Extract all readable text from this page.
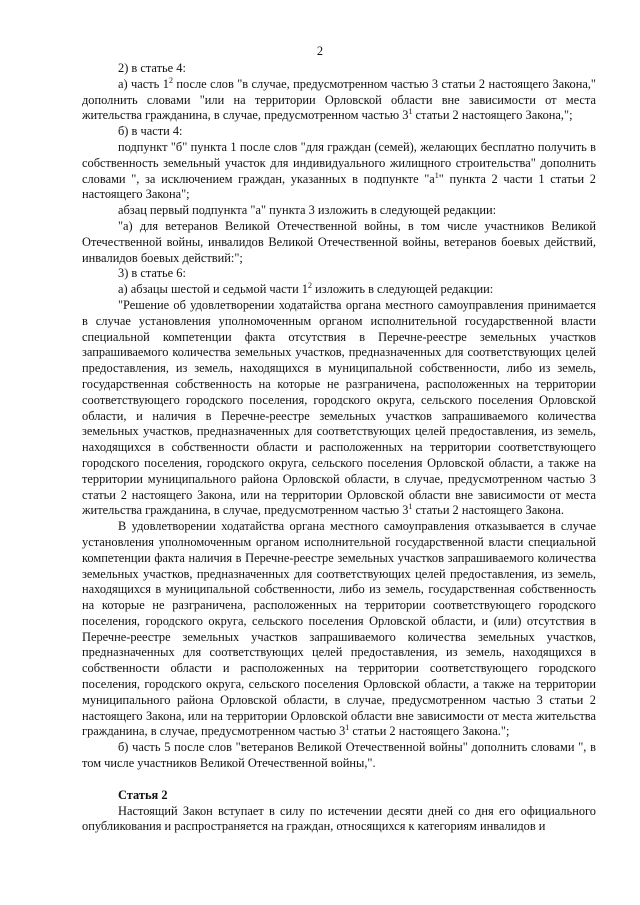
2

2) в статье 4:

а) часть $1^2$ после слов "в случае, предусмотренном частью 3 статьи 2 настоящего Закона," дополнить словами "или на территории Орловской области вне зависимости от места жительства гражданина, в случае, предусмотренном частью $3^1$ статьи 2 настоящего Закона,";

б) в части 4:

подпункт "б" пункта 1 после слов "для граждан (семей), желающих бесплатно получить в собственность земельный участок для индивидуального жилищного строительства" дополнить словами ", за исключением граждан, указанных в подпункте "$а^1$" пункта 2 части 1 статьи 2 настоящего Закона";

абзац первый подпункта "а" пункта 3 изложить в следующей редакции:

"а) для ветеранов Великой Отечественной войны, в том числе участников Великой Отечественной войны, инвалидов Великой Отечественной войны, ветеранов боевых действий, инвалидов боевых действий:";

3) в статье 6:

а) абзацы шестой и седьмой части $1^2$ изложить в следующей редакции:

"Решение об удовлетворении ходатайства органа местного самоуправления принимается в случае установления уполномоченным органом исполнительной государственной власти специальной компетенции факта отсутствия в Перечне-реестре земельных участков запрашиваемого количества земельных участков, предназначенных для соответствующих целей предоставления, из земель, находящихся в муниципальной собственности, либо из земель, государственная собственность на которые не разграничена, расположенных на территории соответствующего городского поселения, городского округа, сельского поселения Орловской области, и наличия в Перечне-реестре земельных участков запрашиваемого количества земельных участков, предназначенных для соответствующих целей предоставления, из земель, находящихся в собственности области и расположенных на территории соответствующего городского поселения, городского округа, сельского поселения Орловской области, а также на территории муниципального района Орловской области, в случае, предусмотренном частью 3 статьи 2 настоящего Закона, или на территории Орловской области вне зависимости от места жительства гражданина, в случае, предусмотренном частью $3^1$ статьи 2 настоящего Закона.

В удовлетворении ходатайства органа местного самоуправления отказывается в случае установления уполномоченным органом исполнительной государственной власти специальной компетенции факта наличия в Перечне-реестре земельных участков запрашиваемого количества земельных участков, предназначенных для соответствующих целей предоставления, из земель, находящихся в муниципальной собственности, либо из земель, государственная собственность на которые не разграничена, расположенных на территории соответствующего городского поселения, городского округа, сельского поселения Орловской области, и (или) отсутствия в Перечне-реестре земельных участков запрашиваемого количества земельных участков, предназначенных для соответствующих целей предоставления, из земель, находящихся в собственности области и расположенных на территории соответствующего городского поселения, городского округа, сельского поселения Орловской области, а также на территории муниципального района Орловской области, в случае, предусмотренном частью 3 статьи 2 настоящего Закона, или на территории Орловской области вне зависимости от места жительства гражданина, в случае, предусмотренном частью $3^1$ статьи 2 настоящего Закона.";

б) часть 5 после слов "ветеранов Великой Отечественной войны" дополнить словами ", в том числе участников Великой Отечественной войны,".

Статья 2

Настоящий Закон вступает в силу по истечении десяти дней со дня его официального опубликования и распространяется на граждан, относящихся к категориям инвалидов и
